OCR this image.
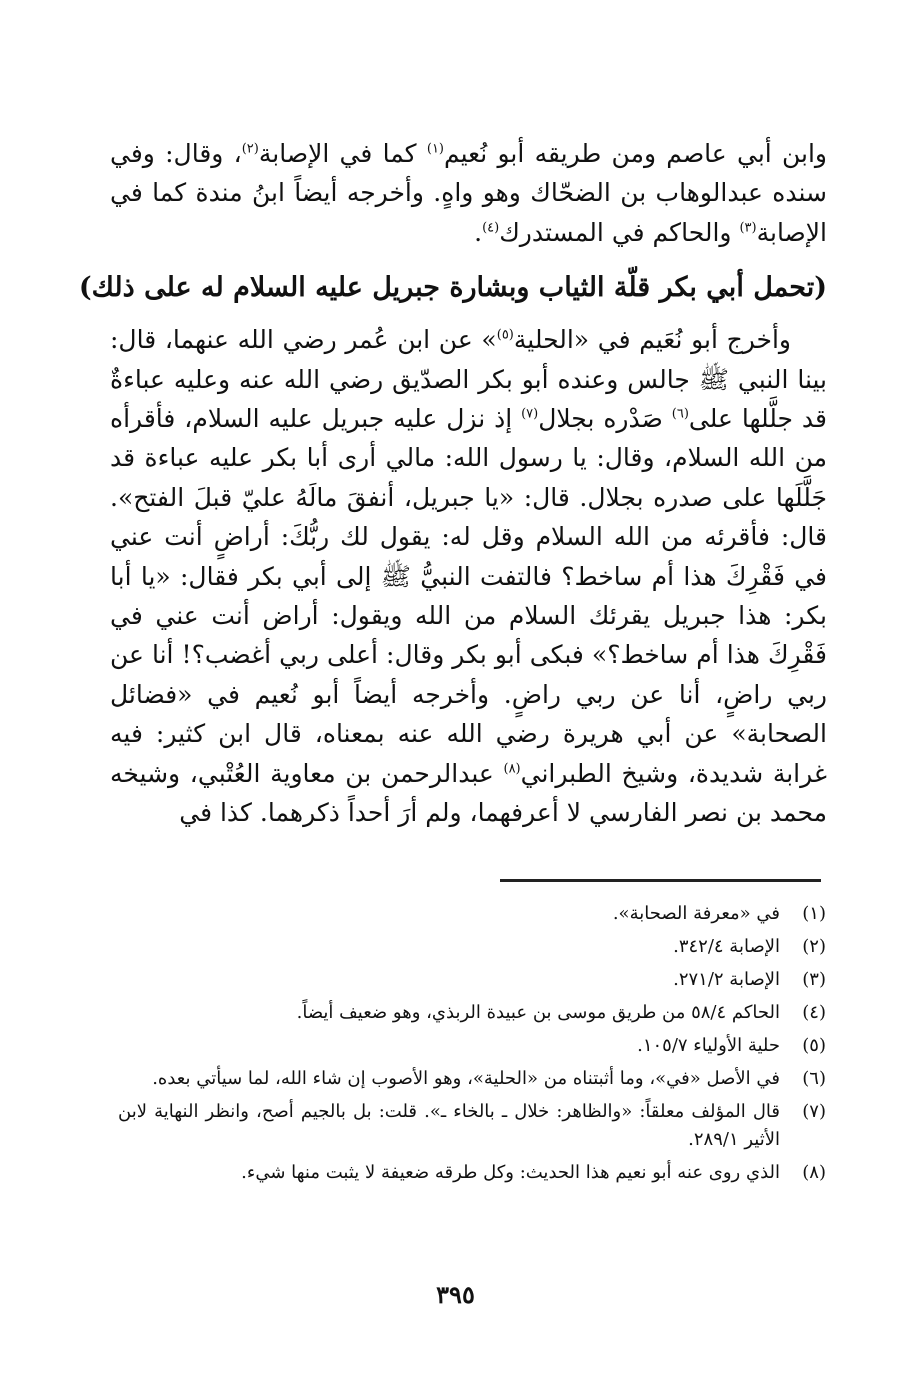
وابن أبي عاصم ومن طريقه أبو نُعيم$^{(١)}$ كما في الإصابة$^{(٢)}$، وقال: وفي سنده عبدالوهاب بن الضحّاك وهو واهٍ. وأخرجه أيضاً ابنُ مندة كما في الإصابة$^{(٣)}$ والحاكم في المستدرك$^{(٤)}$.

(تحمل أبي بكر قلّة الثياب وبشارة جبريل عليه السلام له على ذلك)

وأخرج أبو نُعَيم في «الحلية$^{(٥)}$» عن ابن عُمر رضي الله عنهما، قال: بينا النبي ﷺ جالس وعنده أبو بكر الصدّيق رضي الله عنه وعليه عباءةٌ قد جلَّلها على$^{(٦)}$ صَدْره بجلال$^{(٧)}$ إذ نزل عليه جبريل عليه السلام، فأقرأه من الله السلام، وقال: يا رسول الله: مالي أرى أبا بكر عليه عباءة قد جَلَّلَها على صدره بجلال. قال: «يا جبريل، أنفقَ مالَهُ عليّ قبلَ الفتح». قال: فأقرئه من الله السلام وقل له: يقول لك ربُّكَ: أراضٍ أنت عني في فَقْرِكَ هذا أم ساخط؟ فالتفت النبيُّ ﷺ إلى أبي بكر فقال: «يا أبا بكر: هذا جبريل يقرئك السلام من الله ويقول: أراض أنت عني في فَقْرِكَ هذا أم ساخط؟» فبكى أبو بكر وقال: أعلى ربي أغضب؟! أنا عن ربي راضٍ، أنا عن ربي راضٍ. وأخرجه أيضاً أبو نُعيم في «فضائل الصحابة» عن أبي هريرة رضي الله عنه بمعناه، قال ابن كثير: فيه غرابة شديدة، وشيخ الطبراني$^{(٨)}$ عبدالرحمن بن معاوية العُتْبي، وشيخه محمد بن نصر الفارسي لا أعرفهما، ولم أرَ أحداً ذكرهما. كذا في

(١)
في «معرفة الصحابة».
(٢)
الإصابة ٣٤٢/٤.
(٣)
الإصابة ٢٧١/٢.
(٤)
الحاكم ٥٨/٤ من طريق موسى بن عبيدة الربذي، وهو ضعيف أيضاً.
(٥)
حلية الأولياء ١٠٥/٧.
(٦)
في الأصل «في»، وما أثبتناه من «الحلية»، وهو الأصوب إن شاء الله، لما سيأتي بعده.
(٧)
قال المؤلف معلقاً: «والظاهر: خلال ـ بالخاء ـ». قلت: بل بالجيم أصح، وانظر النهاية لابن الأثير ٢٨٩/١.
(٨)
الذي روى عنه أبو نعيم هذا الحديث: وكل طرقه ضعيفة لا يثبت منها شيء.
٣٩٥
